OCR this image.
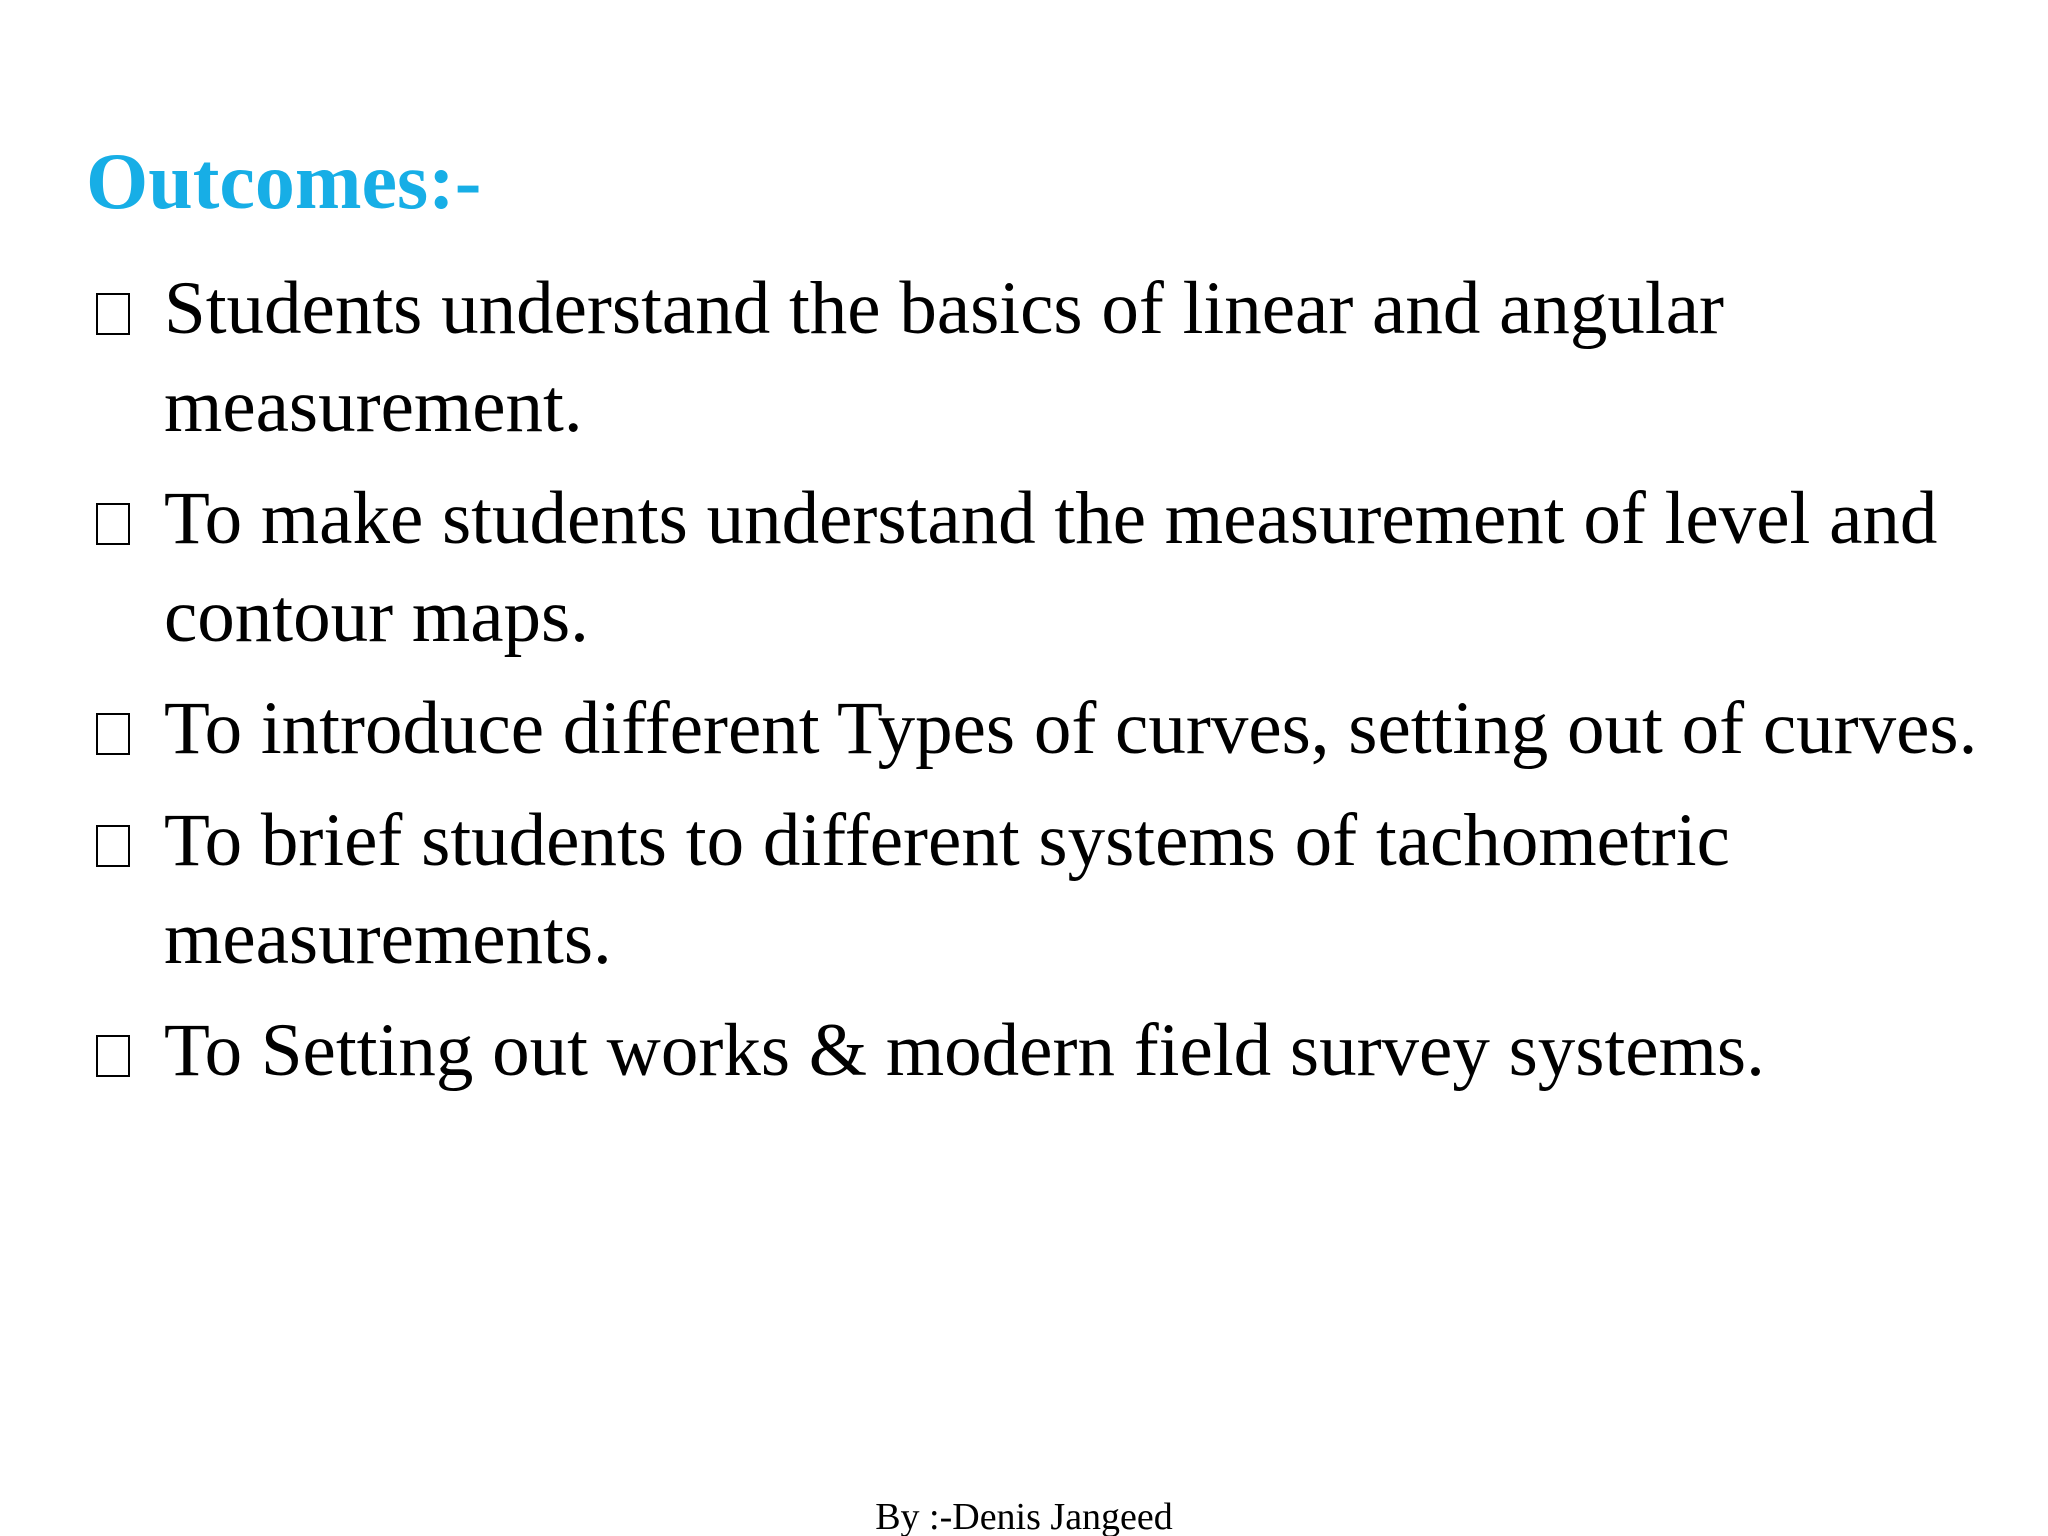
Outcomes:-
Students understand the basics of linear and angular measurement.
To make students understand the measurement of level and contour maps.
To introduce different Types of curves, setting out of curves.
To brief students to different systems of tachometric measurements.
To Setting out works & modern field survey systems.
By :-Denis Jangeed
